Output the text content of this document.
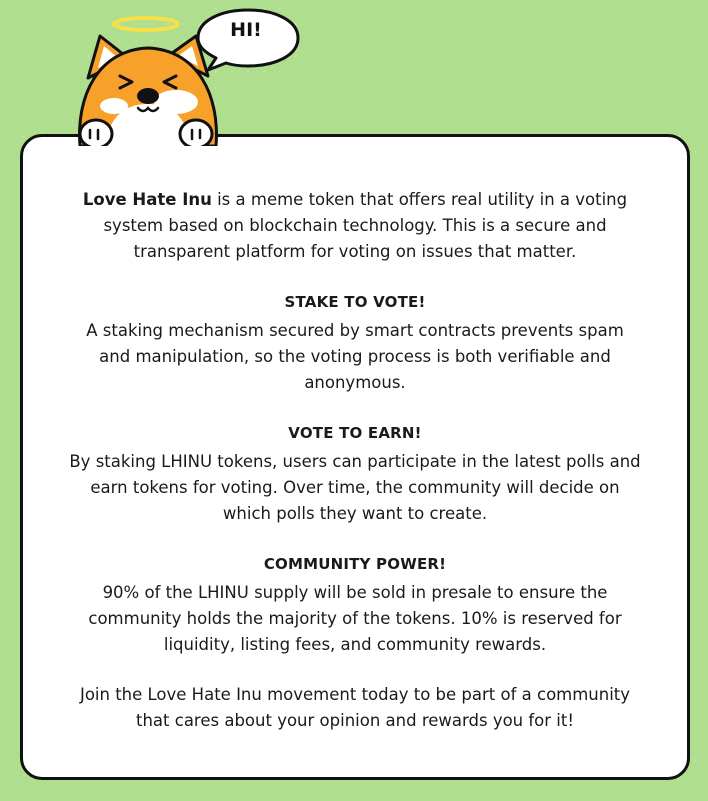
HI!

Love Hate Inu is a meme token that offers real utility in a voting
system based on blockchain technology. This is a secure and
transparent platform for voting on issues that matter.

STAKE TO VOTE!

A staking mechanism secured by smart contracts prevents spam
and manipulation, so the voting process is both verifiable and
anonymous.

VOTE TO EARN!

By staking LHINU tokens, users can participate in the latest polls and
earn tokens for voting. Over time, the community will decide on
which polls they want to create.

COMMUNITY POWER!

90% of the LHINU supply will be sold in presale to ensure the
community holds the majority of the tokens. 10% is reserved for
liquidity, listing fees, and community rewards.

Join the Love Hate Inu movement today to be part of a community
that cares about your opinion and rewards you for it!
